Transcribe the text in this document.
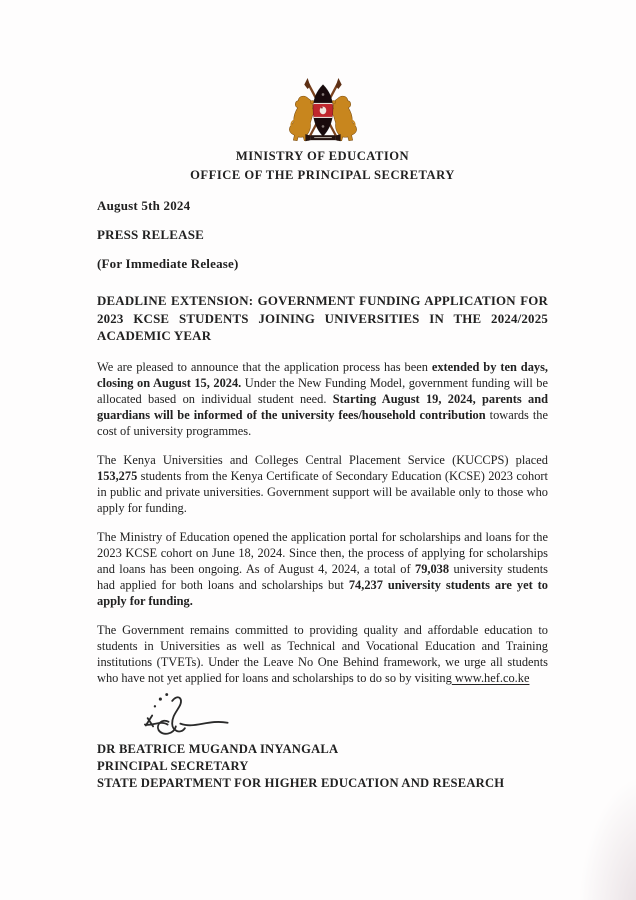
MINISTRY OF EDUCATION
OFFICE OF THE PRINCIPAL SECRETARY
August 5th 2024
PRESS RELEASE
(For Immediate Release)
DEADLINE EXTENSION: GOVERNMENT FUNDING APPLICATION FOR 2023 KCSE STUDENTS JOINING UNIVERSITIES IN THE 2024/2025 ACADEMIC YEAR

We are pleased to announce that the application process has been extended by ten days, closing on August 15, 2024. Under the New Funding Model, government funding will be allocated based on individual student need. Starting August 19, 2024, parents and guardians will be informed of the university fees/household contribution towards the cost of university programmes.

The Kenya Universities and Colleges Central Placement Service (KUCCPS) placed 153,275 students from the Kenya Certificate of Secondary Education (KCSE) 2023 cohort in public and private universities. Government support will be available only to those who apply for funding.

The Ministry of Education opened the application portal for scholarships and loans for the 2023 KCSE cohort on June 18, 2024. Since then, the process of applying for scholarships and loans has been ongoing. As of August 4, 2024, a total of 79,038 university students had applied for both loans and scholarships but 74,237 university students are yet to apply for funding.

The Government remains committed to providing quality and affordable education to students in Universities as well as Technical and Vocational Education and Training institutions (TVETs). Under the Leave No One Behind framework, we urge all students who have not yet applied for loans and scholarships to do so by visiting www.hef.co.ke

DR BEATRICE MUGANDA INYANGALA
PRINCIPAL SECRETARY
STATE DEPARTMENT FOR HIGHER EDUCATION AND RESEARCH
